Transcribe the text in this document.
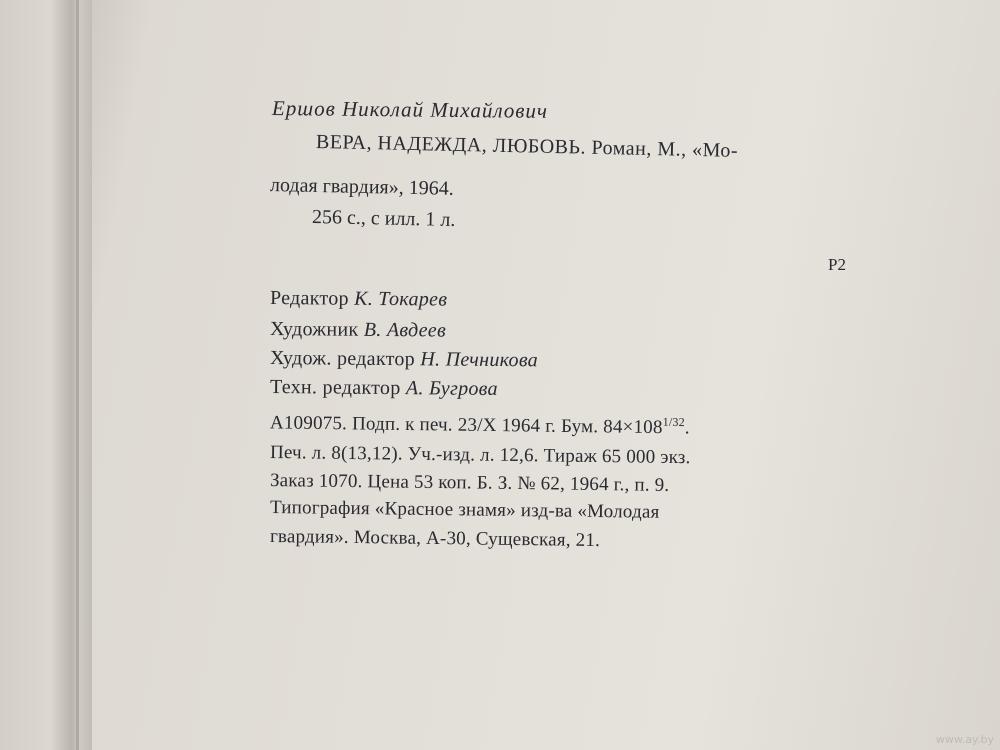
Ершов Николай Михайлович
ВЕРА, НАДЕЖДА, ЛЮБОВЬ. Роман, М., «Мо-
лодая гвардия», 1964.
256 с., с илл. 1 л.
Р2
Редактор К. Токарев
Художник В. Авдеев
Худож. редактор Н. Печникова
Техн. редактор А. Бугрова
А109075. Подп. к печ. 23/Х 1964 г. Бум. $84\times 108^{1/32}$.
Печ. л. 8(13,12). Уч.-изд. л. 12,6. Тираж 65 000 экз.
Заказ 1070. Цена 53 коп. Б. З. № 62, 1964 г., п. 9.
Типография «Красное знамя» изд-ва «Молодая
гвардия». Москва, А-30, Сущевская, 21.
www.ay.by
